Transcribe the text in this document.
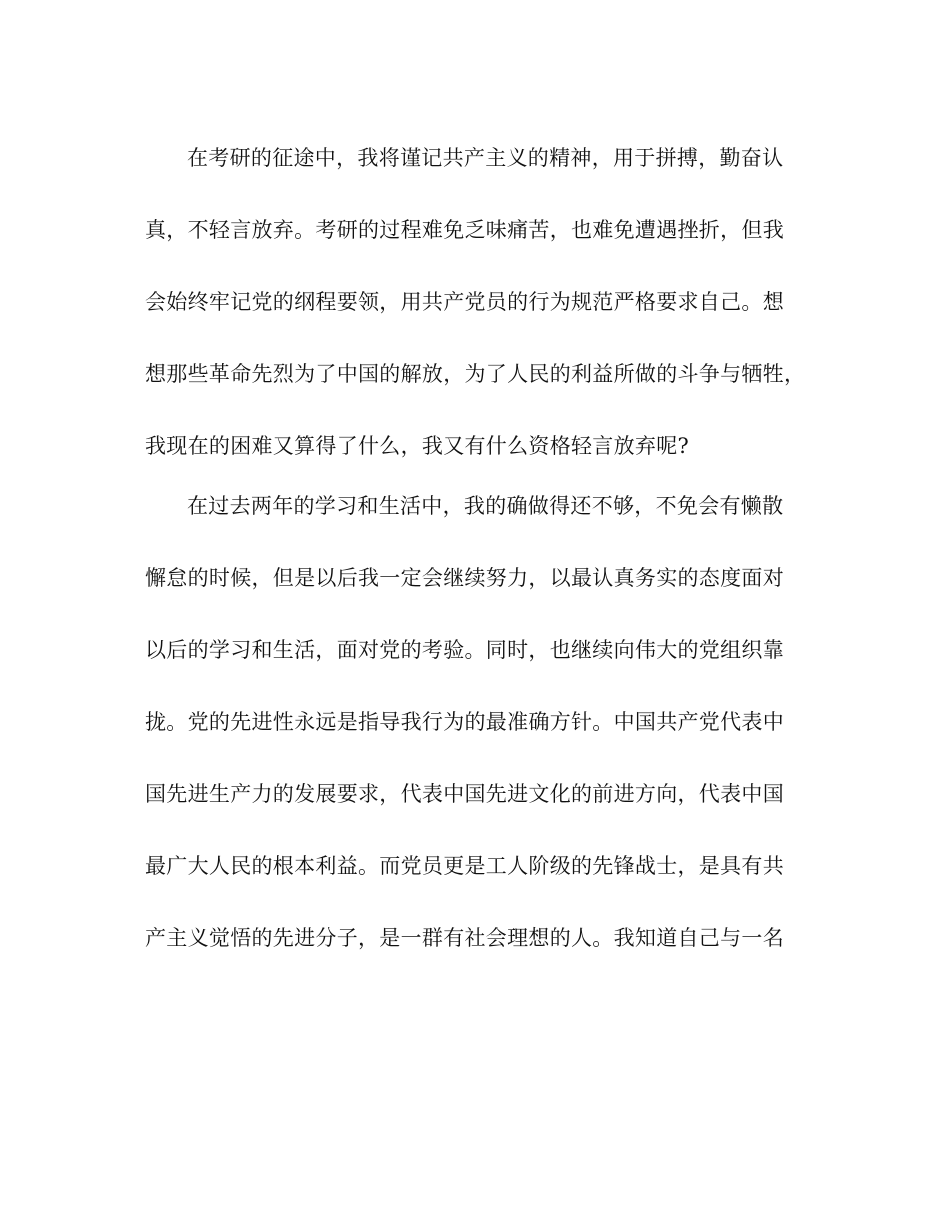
在考研的征途中，我将谨记共产主义的精神，用于拼搏，勤奋认
真，不轻言放弃。考研的过程难免乏味痛苦，也难免遭遇挫折，但我
会始终牢记党的纲程要领，用共产党员的行为规范严格要求自己。想
想那些革命先烈为了中国的解放，为了人民的利益所做的斗争与牺牲，
我现在的困难又算得了什么，我又有什么资格轻言放弃呢?
在过去两年的学习和生活中，我的确做得还不够，不免会有懒散
懈怠的时候，但是以后我一定会继续努力，以最认真务实的态度面对
以后的学习和生活，面对党的考验。同时，也继续向伟大的党组织靠
拢。党的先进性永远是指导我行为的最准确方针。中国共产党代表中
国先进生产力的发展要求，代表中国先进文化的前进方向，代表中国
最广大人民的根本利益。而党员更是工人阶级的先锋战士，是具有共
产主义觉悟的先进分子，是一群有社会理想的人。我知道自己与一名
